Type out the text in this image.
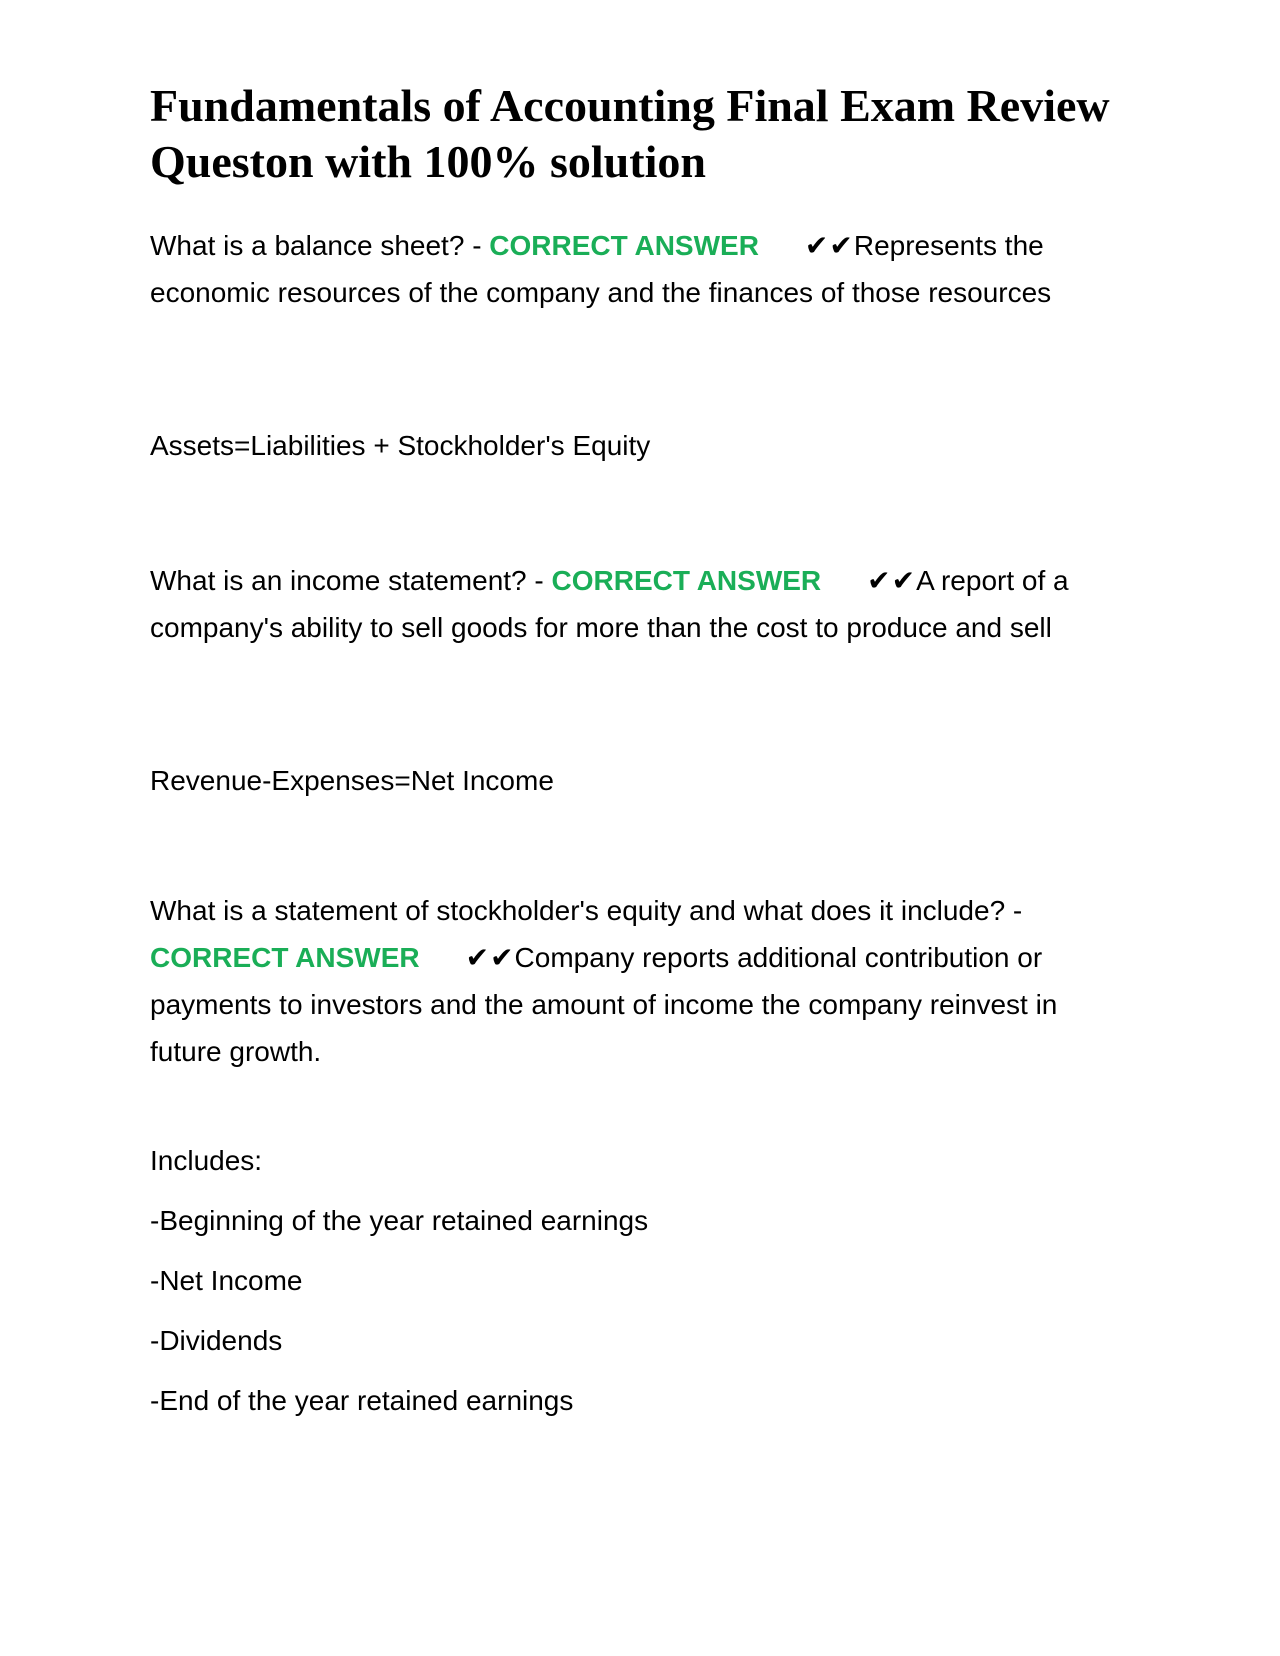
Fundamentals of Accounting Final Exam Review Queston with 100% solution

What is a balance sheet? - CORRECT ANSWER ✔✔Represents the economic resources of the company and the finances of those resources

Assets=Liabilities + Stockholder's Equity

What is an income statement? - CORRECT ANSWER ✔✔A report of a company's ability to sell goods for more than the cost to produce and sell

Revenue-Expenses=Net Income

What is a statement of stockholder's equity and what does it include? -
CORRECT ANSWER ✔✔Company reports additional contribution or payments to investors and the amount of income the company reinvest in future growth.

Includes:

-Beginning of the year retained earnings

-Net Income

-Dividends

-End of the year retained earnings
